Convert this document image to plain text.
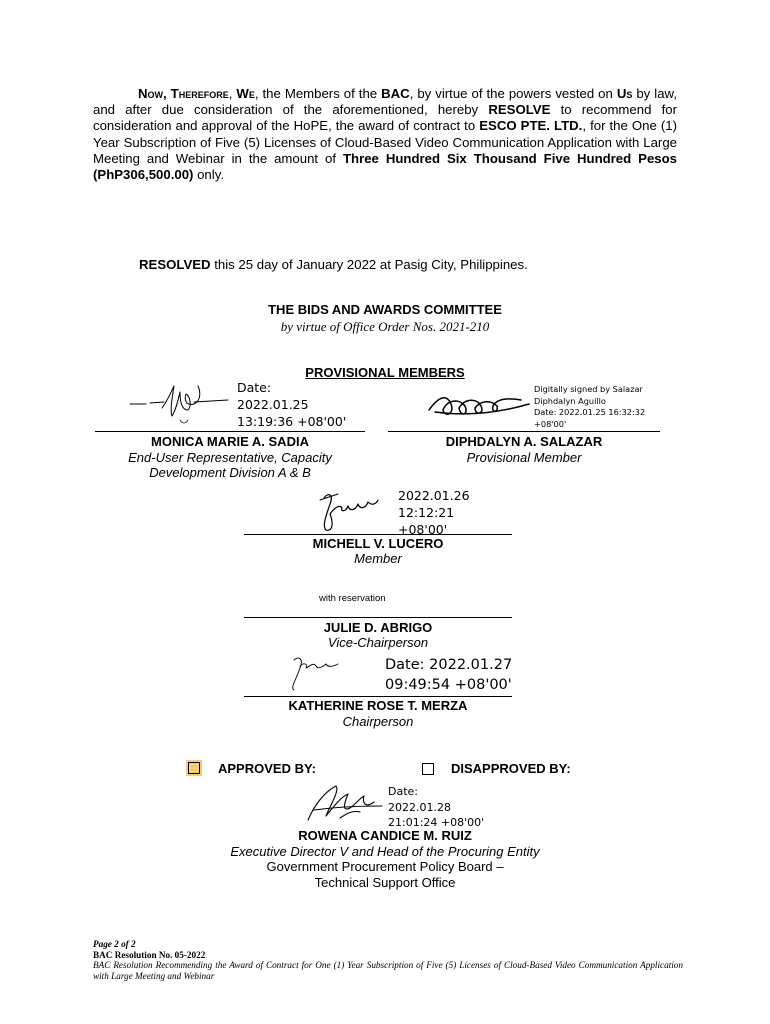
Now, Therefore, We, the Members of the BAC, by virtue of the powers vested on Us by law, and after due consideration of the aforementioned, hereby RESOLVE to recommend for consideration and approval of the HoPE, the award of contract to ESCO PTE. LTD., for the One (1) Year Subscription of Five (5) Licenses of Cloud-Based Video Communication Application with Large Meeting and Webinar in the amount of Three Hundred Six Thousand Five Hundred Pesos (PhP306,500.00) only.
RESOLVED this 25 day of January 2022 at Pasig City, Philippines.
THE BIDS AND AWARDS COMMITTEE
by virtue of Office Order Nos. 2021-210
PROVISIONAL MEMBERS
Date:
2022.01.25
13:19:36 +08'00'
MONICA MARIE A. SADIA
End-User Representative, Capacity
Development Division A & B
Digitally signed by Salazar
Diphdalyn Aguillo
Date: 2022.01.25 16:32:32
+08'00'
DIPHDALYN A. SALAZAR
Provisional Member
2022.01.26
12:12:21
+08'00'
MICHELL V. LUCERO
Member
with reservation
JULIE D. ABRIGO
Vice-Chairperson
Date: 2022.01.27
09:49:54 +08'00'
KATHERINE ROSE T. MERZA
Chairperson
APPROVED BY:	DISAPPROVED BY:
Date:
2022.01.28
21:01:24 +08'00'
ROWENA CANDICE M. RUIZ
Executive Director V and Head of the Procuring Entity
Government Procurement Policy Board –
Technical Support Office
Page 2 of 2
BAC Resolution No. 05-2022
BAC Resolution Recommending the Award of Contract for One (1) Year Subscription of Five (5) Licenses of Cloud-Based Video Communication Application with Large Meeting and Webinar
